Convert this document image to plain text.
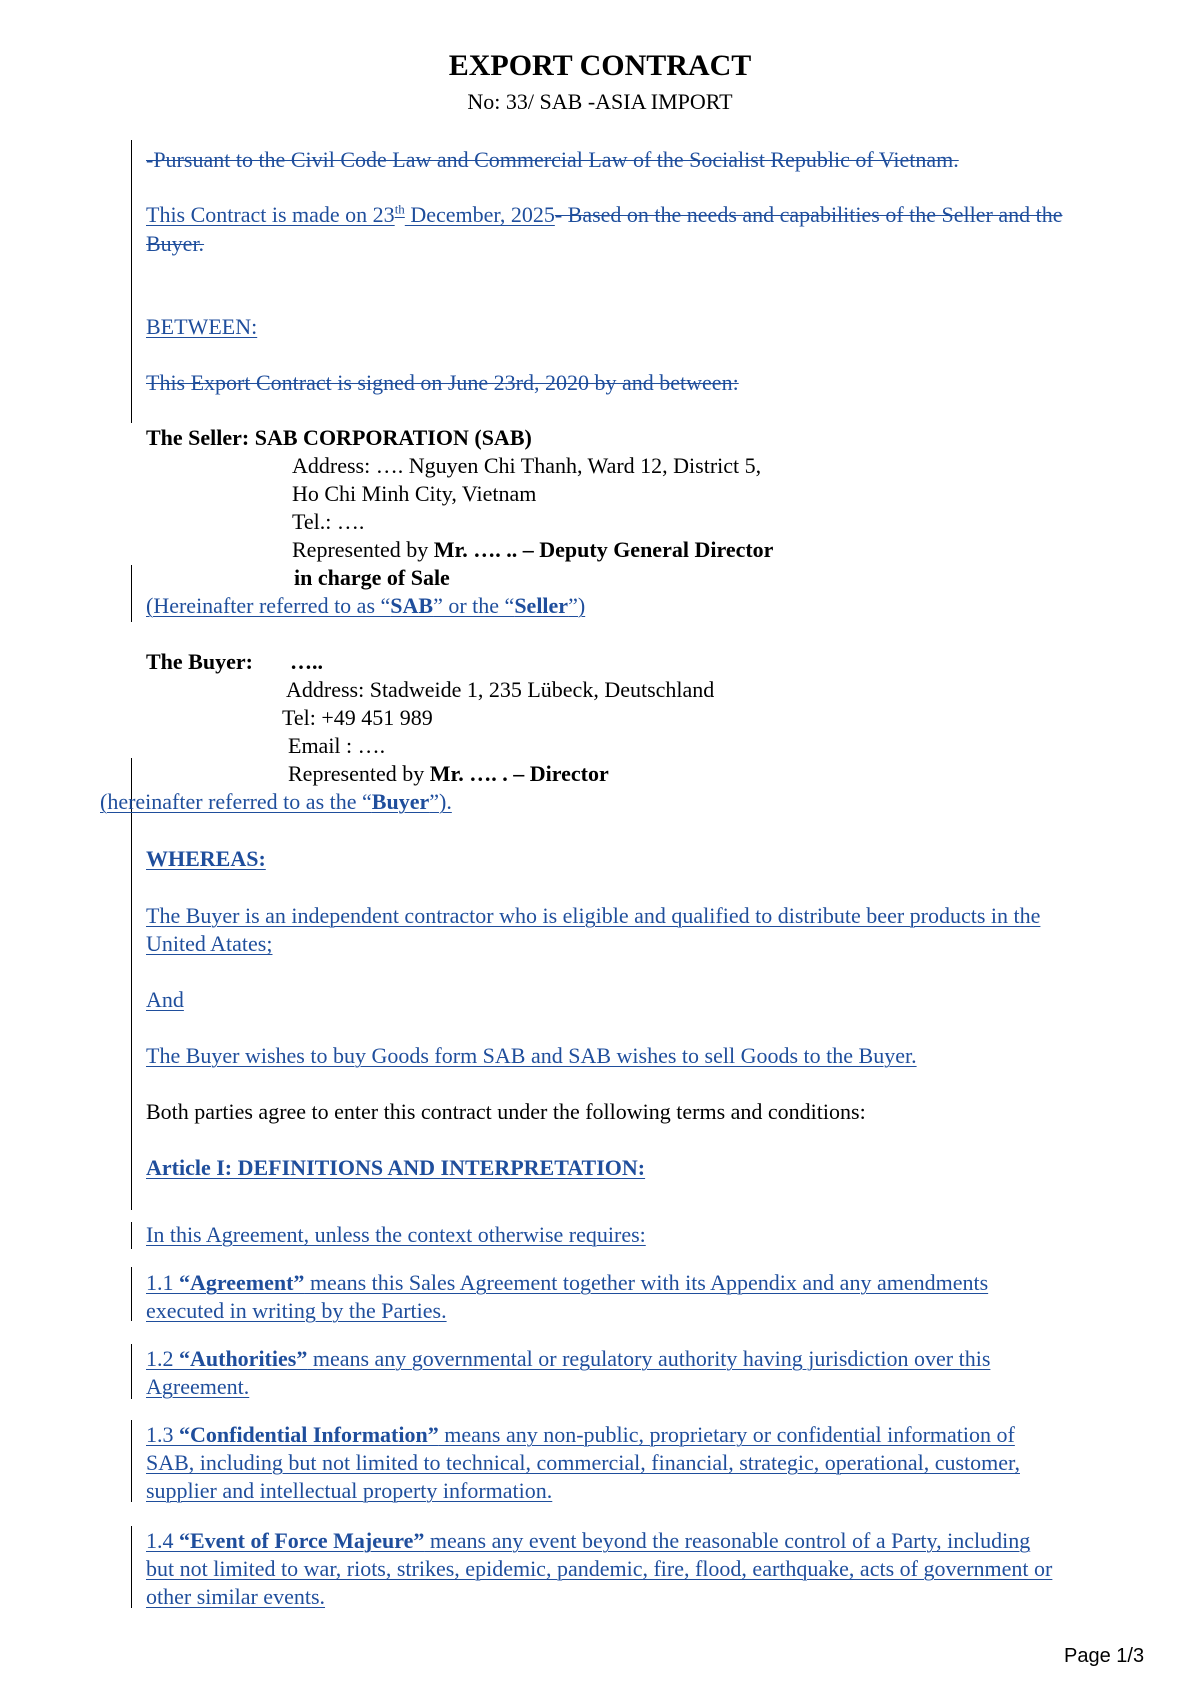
EXPORT CONTRACT
No: 33/ SAB -ASIA IMPORT
-Pursuant to the Civil Code Law and Commercial Law of the Socialist Republic of Vietnam.
This Contract is made on 23th December, 2025- Based on the needs and capabilities of the Seller and the
Buyer.
BETWEEN:
This Export Contract is signed on June 23rd, 2020 by and between:
The Seller: SAB CORPORATION (SAB)
Address: …. Nguyen Chi Thanh, Ward 12, District 5,
Ho Chi Minh City, Vietnam
Tel.: ….
Represented by Mr. …. .. – Deputy General Director
in charge of Sale
(Hereinafter referred to as “SAB” or the “Seller”)
The Buyer: …..
Address: Stadweide 1, 235 Lübeck, Deutschland
Tel: +49 451 989
Email : ….
Represented by Mr. …. . – Director
(hereinafter referred to as the “Buyer”).
WHEREAS:
The Buyer is an independent contractor who is eligible and qualified to distribute beer products in the
United Atates;
And
The Buyer wishes to buy Goods form SAB and SAB wishes to sell Goods to the Buyer.
Both parties agree to enter this contract under the following terms and conditions:
Article I: DEFINITIONS AND INTERPRETATION:
In this Agreement, unless the context otherwise requires:
1.1 “Agreement” means this Sales Agreement together with its Appendix and any amendments
executed in writing by the Parties.
1.2 “Authorities” means any governmental or regulatory authority having jurisdiction over this
Agreement.
1.3 “Confidential Information” means any non-public, proprietary or confidential information of
SAB, including but not limited to technical, commercial, financial, strategic, operational, customer,
supplier and intellectual property information.
1.4 “Event of Force Majeure” means any event beyond the reasonable control of a Party, including
but not limited to war, riots, strikes, epidemic, pandemic, fire, flood, earthquake, acts of government or
other similar events.
Page 1/3
